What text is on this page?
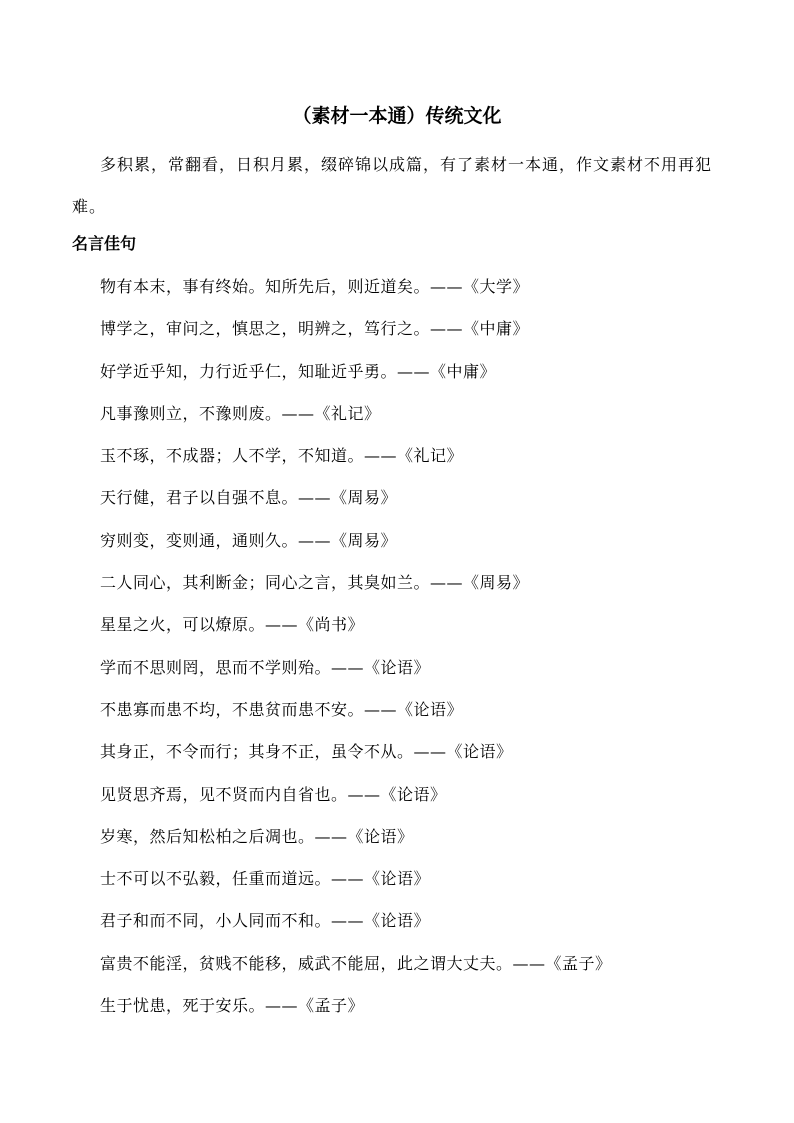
（素材一本通）传统文化

多积累，常翻看，日积月累，缀碎锦以成篇，有了素材一本通，作文素材不用再犯难。

名言佳句
物有本末，事有终始。知所先后，则近道矣。——《大学》
博学之，审问之，慎思之，明辨之，笃行之。——《中庸》
好学近乎知，力行近乎仁，知耻近乎勇。——《中庸》
凡事豫则立，不豫则废。——《礼记》
玉不琢，不成器；人不学，不知道。——《礼记》
天行健，君子以自强不息。——《周易》
穷则变，变则通，通则久。——《周易》
二人同心，其利断金；同心之言，其臭如兰。——《周易》
星星之火，可以燎原。——《尚书》
学而不思则罔，思而不学则殆。——《论语》
不患寡而患不均，不患贫而患不安。——《论语》
其身正，不令而行；其身不正，虽令不从。——《论语》
见贤思齐焉，见不贤而内自省也。——《论语》
岁寒，然后知松柏之后凋也。——《论语》
士不可以不弘毅，任重而道远。——《论语》
君子和而不同，小人同而不和。——《论语》
富贵不能淫，贫贱不能移，威武不能屈，此之谓大丈夫。——《孟子》
生于忧患，死于安乐。——《孟子》
